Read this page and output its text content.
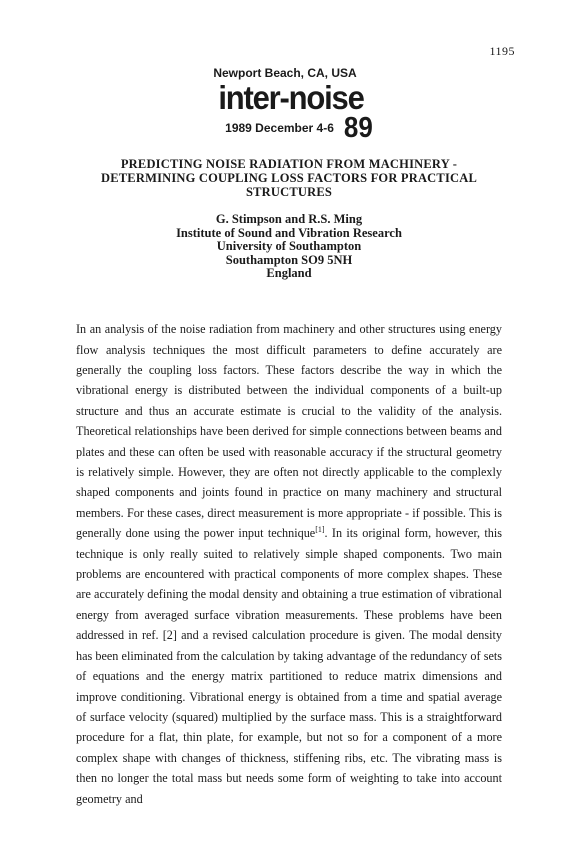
1195
Newport Beach, CA, USA
inter-noise
1989 December 4-6 89
PREDICTING NOISE RADIATION FROM MACHINERY -
DETERMINING COUPLING LOSS FACTORS FOR PRACTICAL
STRUCTURES
G. Stimpson and R.S. Ming
Institute of Sound and Vibration Research
University of Southampton
Southampton SO9 5NH
England

In an analysis of the noise radiation from machinery and other structures using energy flow analysis techniques the most difficult parameters to define accurately are generally the coupling loss factors. These factors describe the way in which the vibrational energy is distributed between the individual components of a built-up structure and thus an accurate estimate is crucial to the validity of the analysis. Theoretical relationships have been derived for simple connections between beams and plates and these can often be used with reasonable accuracy if the structural geometry is relatively simple. However, they are often not directly applicable to the complexly shaped components and joints found in practice on many machinery and structural members. For these cases, direct measurement is more appropriate - if possible. This is generally done using the power input technique[1]. In its original form, however, this technique is only really suited to relatively simple shaped components. Two main problems are encountered with practical components of more complex shapes. These are accurately defining the modal density and obtaining a true estimation of vibrational energy from averaged surface vibration measurements. These problems have been addressed in ref. [2] and a revised calculation procedure is given. The modal density has been eliminated from the calculation by taking advantage of the redundancy of sets of equations and the energy matrix partitioned to reduce matrix dimensions and improve conditioning. Vibrational energy is obtained from a time and spatial average of surface velocity (squared) multiplied by the surface mass. This is a straightforward procedure for a flat, thin plate, for example, but not so for a component of a more complex shape with changes of thickness, stiffening ribs, etc. The vibrating mass is then no longer the total mass but needs some form of weighting to take into account geometry and
